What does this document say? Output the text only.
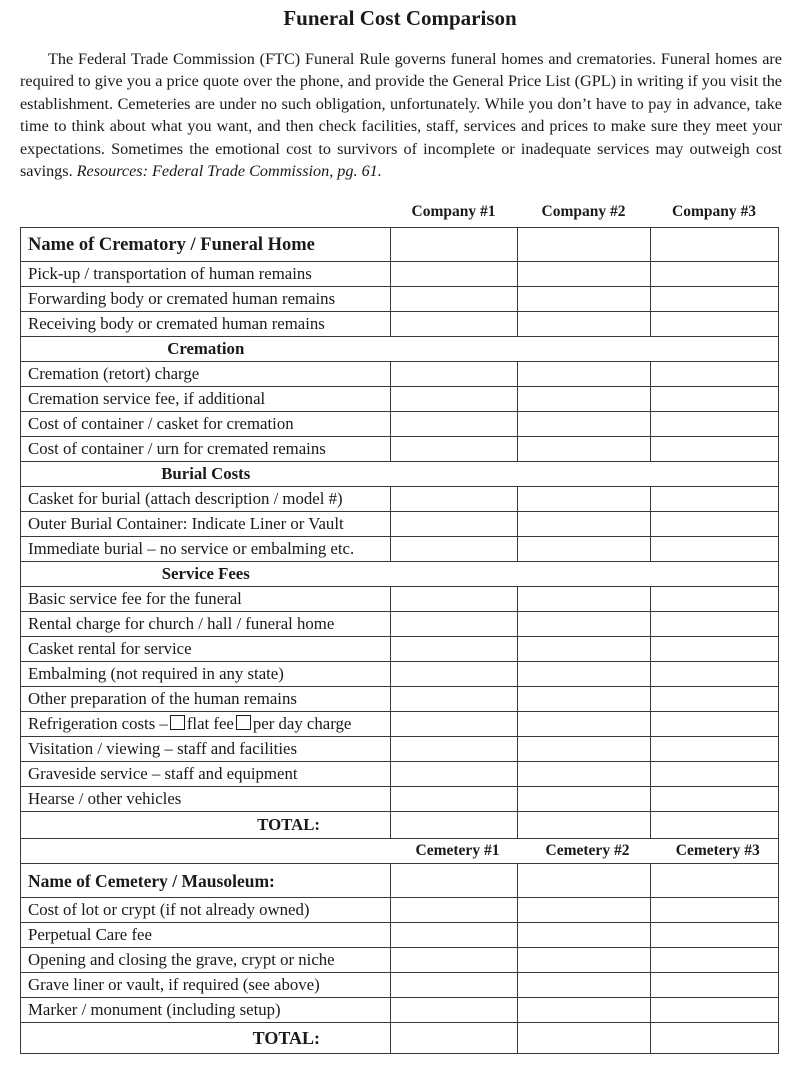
Funeral Cost Comparison
The Federal Trade Commission (FTC) Funeral Rule governs funeral homes and crematories. Funeral homes are required to give you a price quote over the phone, and provide the General Price List (GPL) in writing if you visit the establishment. Cemeteries are under no such obligation, unfortunately. While you don’t have to pay in advance, take time to think about what you want, and then check facilities, staff, services and prices to make sure they meet your expectations. Sometimes the emotional cost to survivors of incomplete or inadequate services may outweigh cost savings. Resources: Federal Trade Commission, pg. 61.
Company #1	Company #2	Company #3
Name of Crematory / Funeral Home			
Pick-up / transportation of human remains			
Forwarding body or cremated human remains			
Receiving body or cremated human remains			
Cremation			
Cremation (retort) charge			
Cremation service fee, if additional			
Cost of container / casket for cremation			
Cost of container / urn for cremated remains			
Burial Costs			
Casket for burial (attach description / model #)			
Outer Burial Container: Indicate Liner or Vault			
Immediate burial – no service or embalming etc.			
Service Fees			
Basic service fee for the funeral			
Rental charge for church / hall / funeral home			
Casket rental for service			
Embalming (not required in any state)			
Other preparation of the human remains			
Refrigeration costs – flat fee per day charge			
Visitation / viewing – staff and facilities			
Graveside service – staff and equipment			
Hearse / other vehicles			
TOTAL:			
	Cemetery #1	Cemetery #2	Cemetery #3
Name of Cemetery / Mausoleum:			
Cost of lot or crypt (if not already owned)			
Perpetual Care fee			
Opening and closing the grave, crypt or niche			
Grave liner or vault, if required (see above)			
Marker / monument (including setup)			
TOTAL:			
